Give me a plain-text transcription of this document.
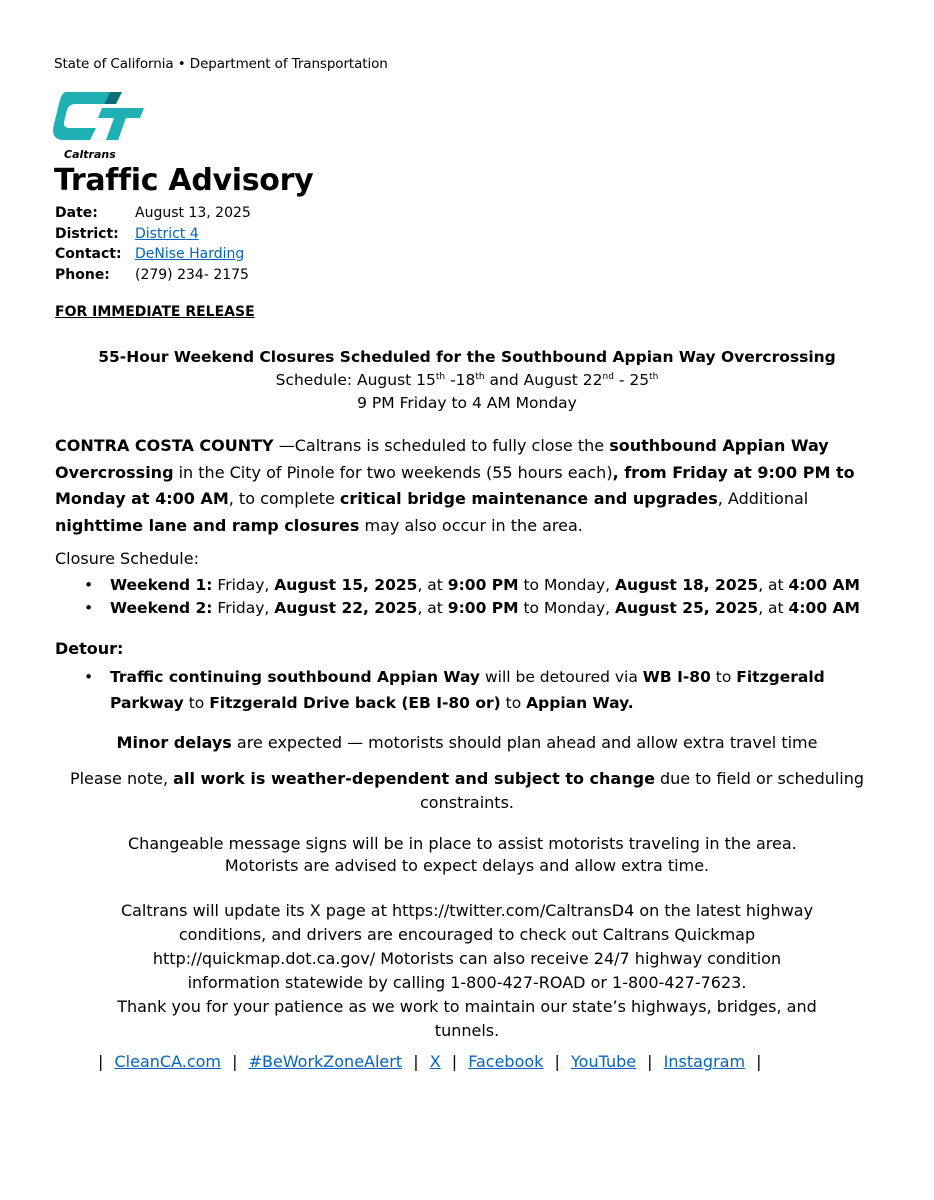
State of California • Department of Transportation
Caltrans
Traffic Advisory
Date:	August 13, 2025
District:	District 4
Contact: DeNise Harding
Phone:	(279) 234- 2175
FOR IMMEDIATE RELEASE
55-Hour Weekend Closures Scheduled for the Southbound Appian Way Overcrossing
Schedule: August 15th -18th and August 22nd - 25th
9 PM Friday to 4 AM Monday
CONTRA COSTA COUNTY —Caltrans is scheduled to fully close the southbound Appian Way Overcrossing in the City of Pinole for two weekends (55 hours each), from Friday at 9:00 PM to Monday at 4:00 AM, to complete critical bridge maintenance and upgrades, Additional nighttime lane and ramp closures may also occur in the area.
Closure Schedule:
• Weekend 1: Friday, August 15, 2025, at 9:00 PM to Monday, August 18, 2025, at 4:00 AM
• Weekend 2: Friday, August 22, 2025, at 9:00 PM to Monday, August 25, 2025, at 4:00 AM
Detour:
• Traffic continuing southbound Appian Way will be detoured via WB I-80 to Fitzgerald Parkway to Fitzgerald Drive back (EB I-80 or) to Appian Way.
Minor delays are expected — motorists should plan ahead and allow extra travel time
Please note, all work is weather-dependent and subject to change due to field or scheduling constraints.
Changeable message signs will be in place to assist motorists traveling in the area.
Motorists are advised to expect delays and allow extra time.
Caltrans will update its X page at https://twitter.com/CaltransD4 on the latest highway
conditions, and drivers are encouraged to check out Caltrans Quickmap
http://quickmap.dot.ca.gov/ Motorists can also receive 24/7 highway condition
information statewide by calling 1-800-427-ROAD or 1-800-427-7623.
Thank you for your patience as we work to maintain our state’s highways, bridges, and
tunnels.
| CleanCA.com | #BeWorkZoneAlert | X | Facebook | YouTube | Instagram |
